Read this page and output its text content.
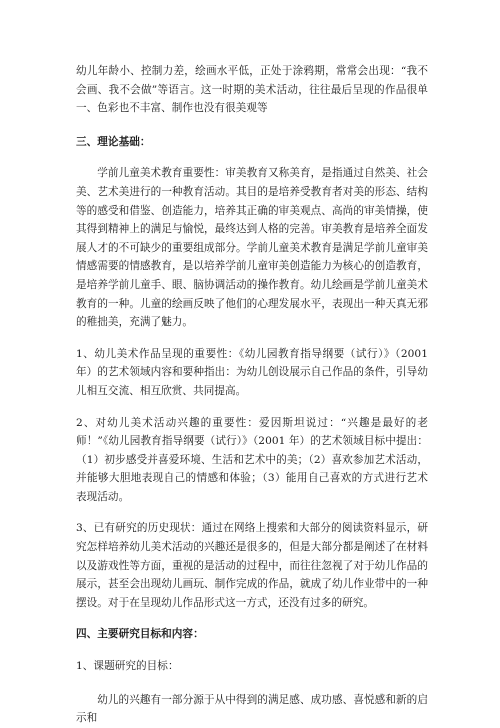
幼儿年龄小、控制力差，绘画水平低，正处于涂鸦期，常常会出现：“我不会画、我不会做”等语言。这一时期的美术活动，往往最后呈现的作品很单一、色彩也不丰富、制作也没有很美观等

三、理论基础：

学前儿童美术教育重要性：审美教育又称美育，是指通过自然美、社会美、艺术美进行的一种教育活动。其目的是培养受教育者对美的形态、结构等的感受和借鉴、创造能力，培养其正确的审美观点、高尚的审美情操，使其得到精神上的满足与愉悦，最终达到人格的完善。审美教育是培养全面发展人才的不可缺少的重要组成部分。学前儿童美术教育是满足学前儿童审美情感需要的情感教育，是以培养学前儿童审美创造能力为核心的创造教育，是培养学前儿童手、眼、脑协调活动的操作教育。幼儿绘画是学前儿童美术教育的一种。儿童的绘画反映了他们的心理发展水平，表现出一种天真无邪的稚拙美，充满了魅力。

1、幼儿美术作品呈现的重要性：《幼儿园教育指导纲要（试行）》（2001 年）的艺术领域内容和要种指出：为幼儿创设展示自己作品的条件，引导幼儿相互交流、相互欣赏、共同提高。

2、对幼儿美术活动兴趣的重要性：爱因斯坦说过：“兴趣是最好的老师！”《幼儿园教育指导纲要（试行）》（2001 年）的艺术领域目标中提出：（1）初步感受并喜爱环境、生活和艺术中的美；（2）喜欢参加艺术活动，并能够大胆地表现自己的情感和体验；（3）能用自己喜欢的方式进行艺术表现活动。

3、已有研究的历史现状：通过在网络上搜索和大部分的阅读资料显示，研究怎样培养幼儿美术活动的兴趣还是很多的，但是大部分都是阐述了在材料以及游戏性等方面，重视的是活动的过程中，而往往忽视了对于幼儿作品的展示，甚至会出现幼儿画玩、制作完成的作品，就成了幼儿作业带中的一种摆设。对于在呈现幼儿作品形式这一方式，还没有过多的研究。

四、主要研究目标和内容：

1、课题研究的目标：

幼儿的兴趣有一部分源于从中得到的满足感、成功感、喜悦感和新的启示和
